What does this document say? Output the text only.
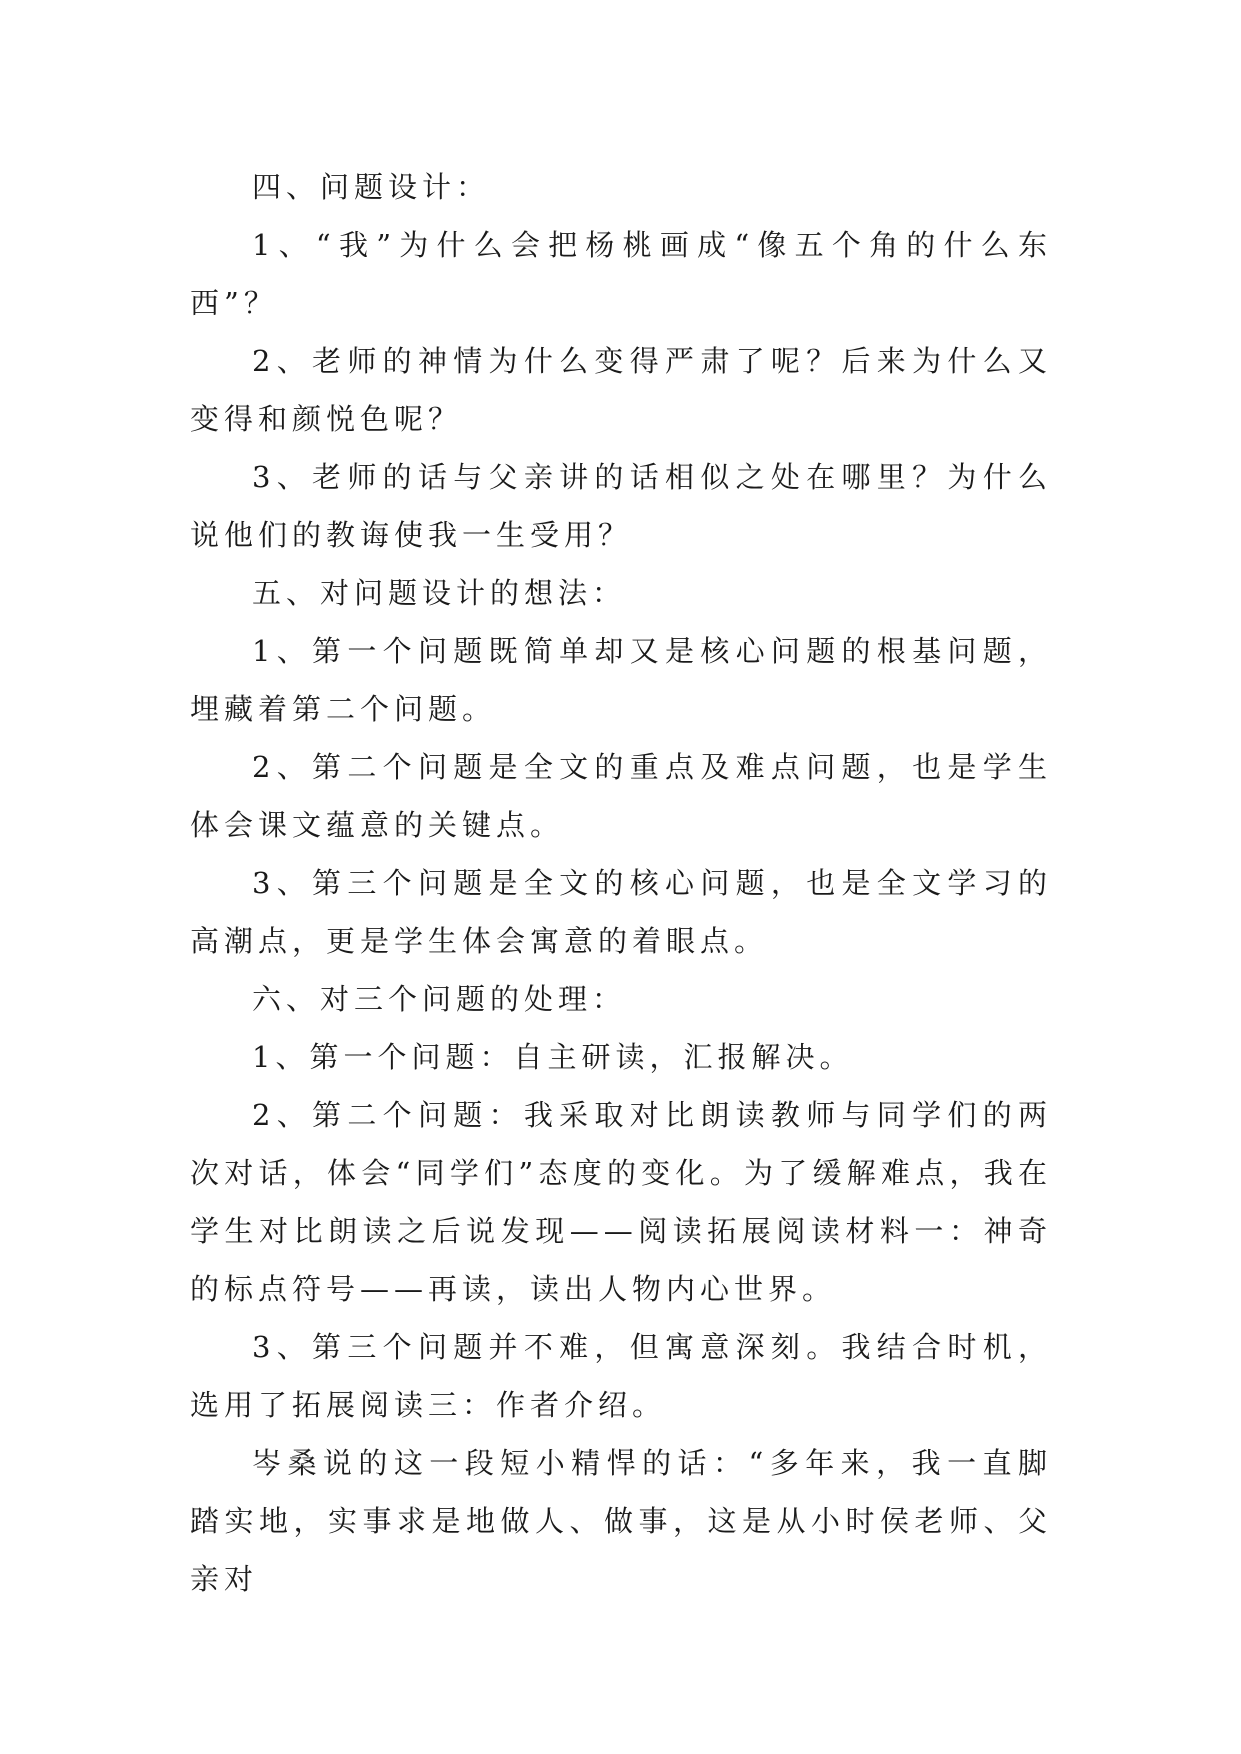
四、问题设计：

1、“我”为什么会把杨桃画成“像五个角的什么东西”？

2、老师的神情为什么变得严肃了呢？后来为什么又变得和颜悦色呢？

3、老师的话与父亲讲的话相似之处在哪里？为什么说他们的教诲使我一生受用？

五、对问题设计的想法：

1、第一个问题既简单却又是核心问题的根基问题，埋藏着第二个问题。

2、第二个问题是全文的重点及难点问题，也是学生体会课文蕴意的关键点。

3、第三个问题是全文的核心问题，也是全文学习的高潮点，更是学生体会寓意的着眼点。

六、对三个问题的处理：

1、第一个问题：自主研读，汇报解决。

2、第二个问题：我采取对比朗读教师与同学们的两次对话，体会“同学们”态度的变化。为了缓解难点，我在学生对比朗读之后说发现——阅读拓展阅读材料一：神奇的标点符号——再读，读出人物内心世界。

3、第三个问题并不难，但寓意深刻。我结合时机，选用了拓展阅读三：作者介绍。

岑桑说的这一段短小精悍的话：“多年来，我一直脚踏实地，实事求是地做人、做事，这是从小时侯老师、父亲对
